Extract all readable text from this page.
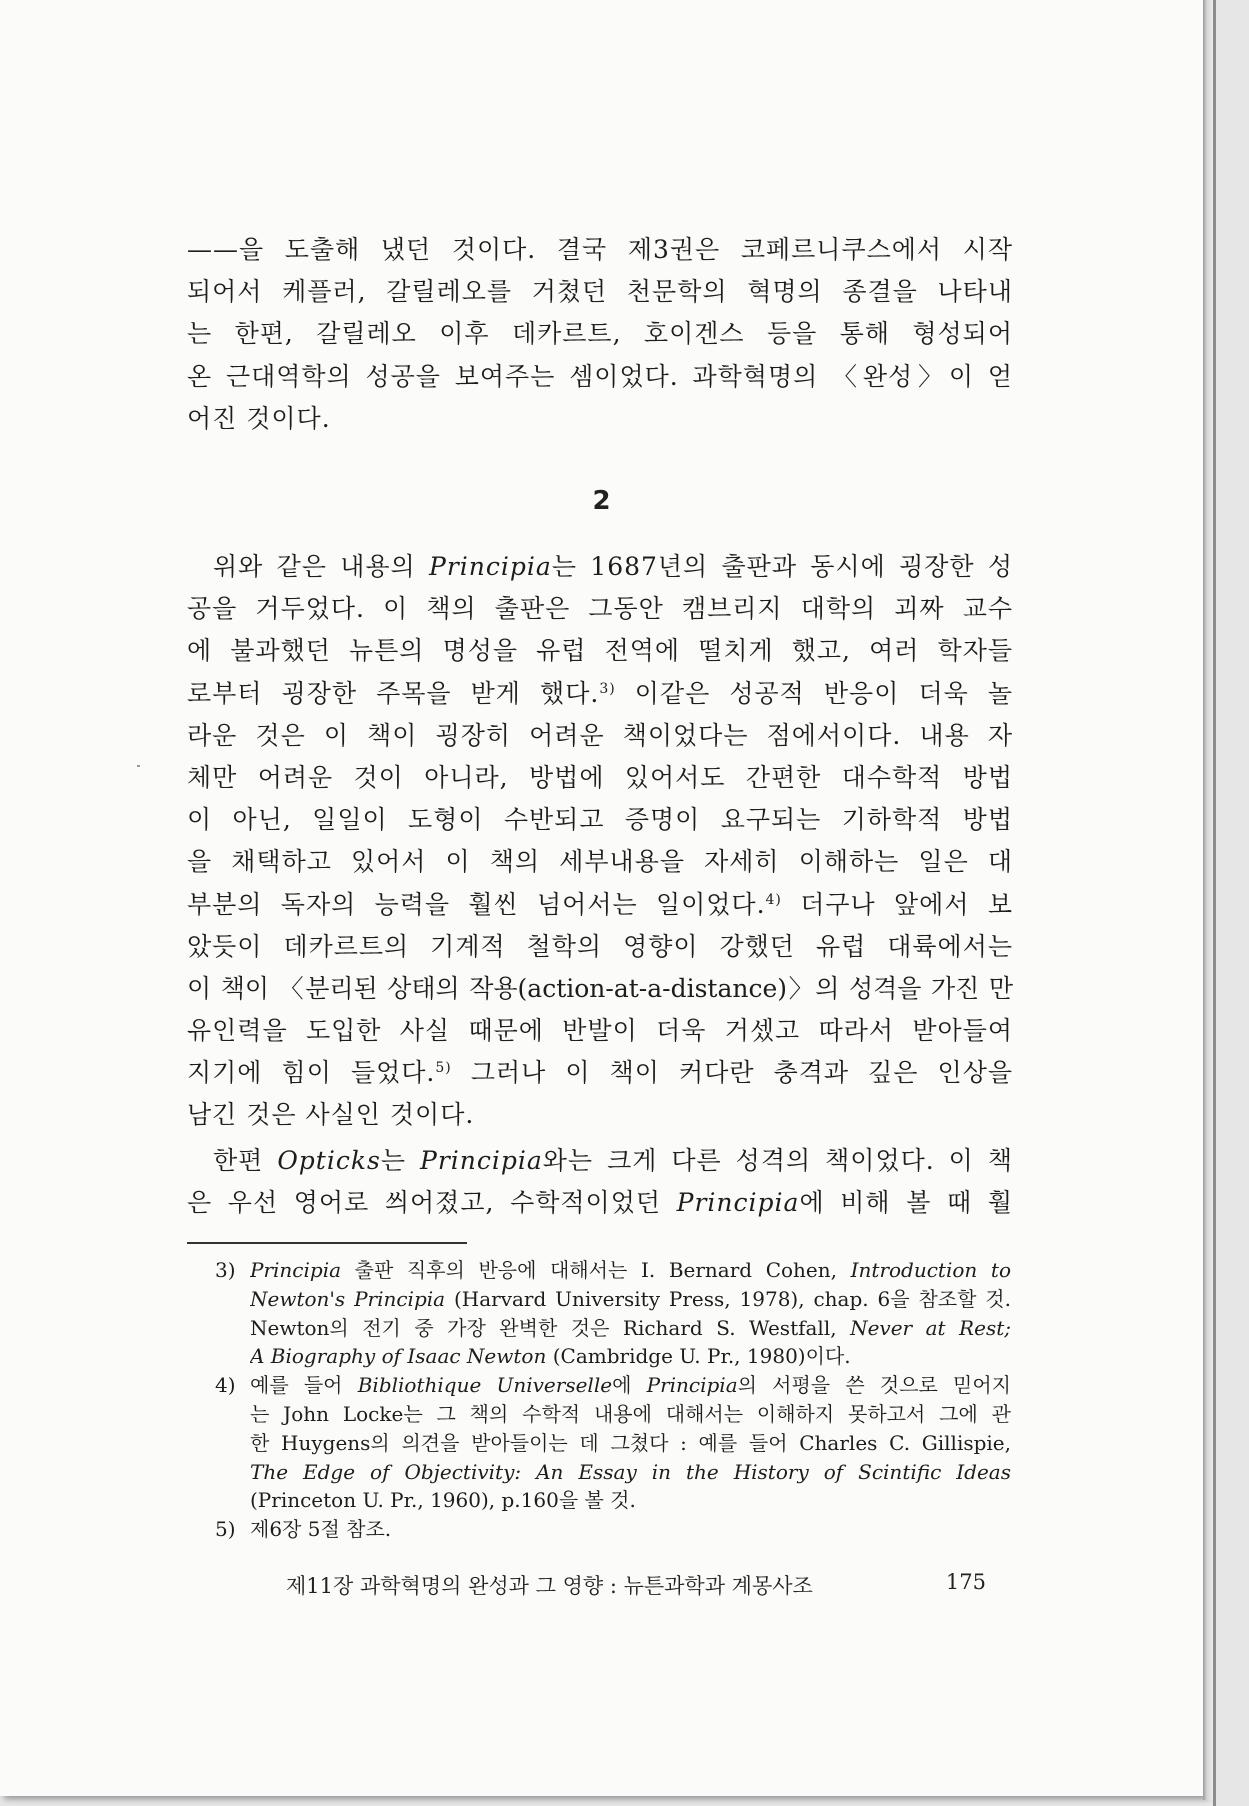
——을 도출해 냈던 것이다. 결국 제3권은 코페르니쿠스에서 시작
되어서 케플러, 갈릴레오를 거쳤던 천문학의 혁명의 종결을 나타내
는 한편, 갈릴레오 이후 데카르트, 호이겐스 등을 통해 형성되어
온 근대역학의 성공을 보여주는 셈이었다. 과학혁명의 〈완성〉이 얻
어진 것이다.
2
위와 같은 내용의 Principia는 1687년의 출판과 동시에 굉장한 성
공을 거두었다. 이 책의 출판은 그동안 캠브리지 대학의 괴짜 교수
에 불과했던 뉴튼의 명성을 유럽 전역에 떨치게 했고, 여러 학자들
로부터 굉장한 주목을 받게 했다.$^{3)}$ 이같은 성공적 반응이 더욱 놀
라운 것은 이 책이 굉장히 어려운 책이었다는 점에서이다. 내용 자
체만 어려운 것이 아니라, 방법에 있어서도 간편한 대수학적 방법
이 아닌, 일일이 도형이 수반되고 증명이 요구되는 기하학적 방법
을 채택하고 있어서 이 책의 세부내용을 자세히 이해하는 일은 대
부분의 독자의 능력을 훨씬 넘어서는 일이었다.$^{4)}$ 더구나 앞에서 보
았듯이 데카르트의 기계적 철학의 영향이 강했던 유럽 대륙에서는
이 책이 〈분리된 상태의 작용(action-at-a-distance)〉의 성격을 가진 만
유인력을 도입한 사실 때문에 반발이 더욱 거셌고 따라서 받아들여
지기에 힘이 들었다.$^{5)}$ 그러나 이 책이 커다란 충격과 깊은 인상을
남긴 것은 사실인 것이다.
한편 Opticks는 Principia와는 크게 다른 성격의 책이었다. 이 책
은 우선 영어로 씌어졌고, 수학적이었던 Principia에 비해 볼 때 훨
3) Principia 출판 직후의 반응에 대해서는 I. Bernard Cohen, Introduction to
Newton's Principia (Harvard University Press, 1978), chap. 6을 참조할 것.
Newton의 전기 중 가장 완벽한 것은 Richard S. Westfall, Never at Rest;
A Biography of Isaac Newton (Cambridge U. Pr., 1980)이다.
4) 예를 들어 Bibliothique Universelle에 Principia의 서평을 쓴 것으로 믿어지
는 John Locke는 그 책의 수학적 내용에 대해서는 이해하지 못하고서 그에 관
한 Huygens의 의견을 받아들이는 데 그쳤다 : 예를 들어 Charles C. Gillispie,
The Edge of Objectivity: An Essay in the History of Scintific Ideas
(Princeton U. Pr., 1960), p.160을 볼 것.
5) 제6장 5절 참조.
제11장 과학혁명의 완성과 그 영향 : 뉴튼과학과 계몽사조	175
